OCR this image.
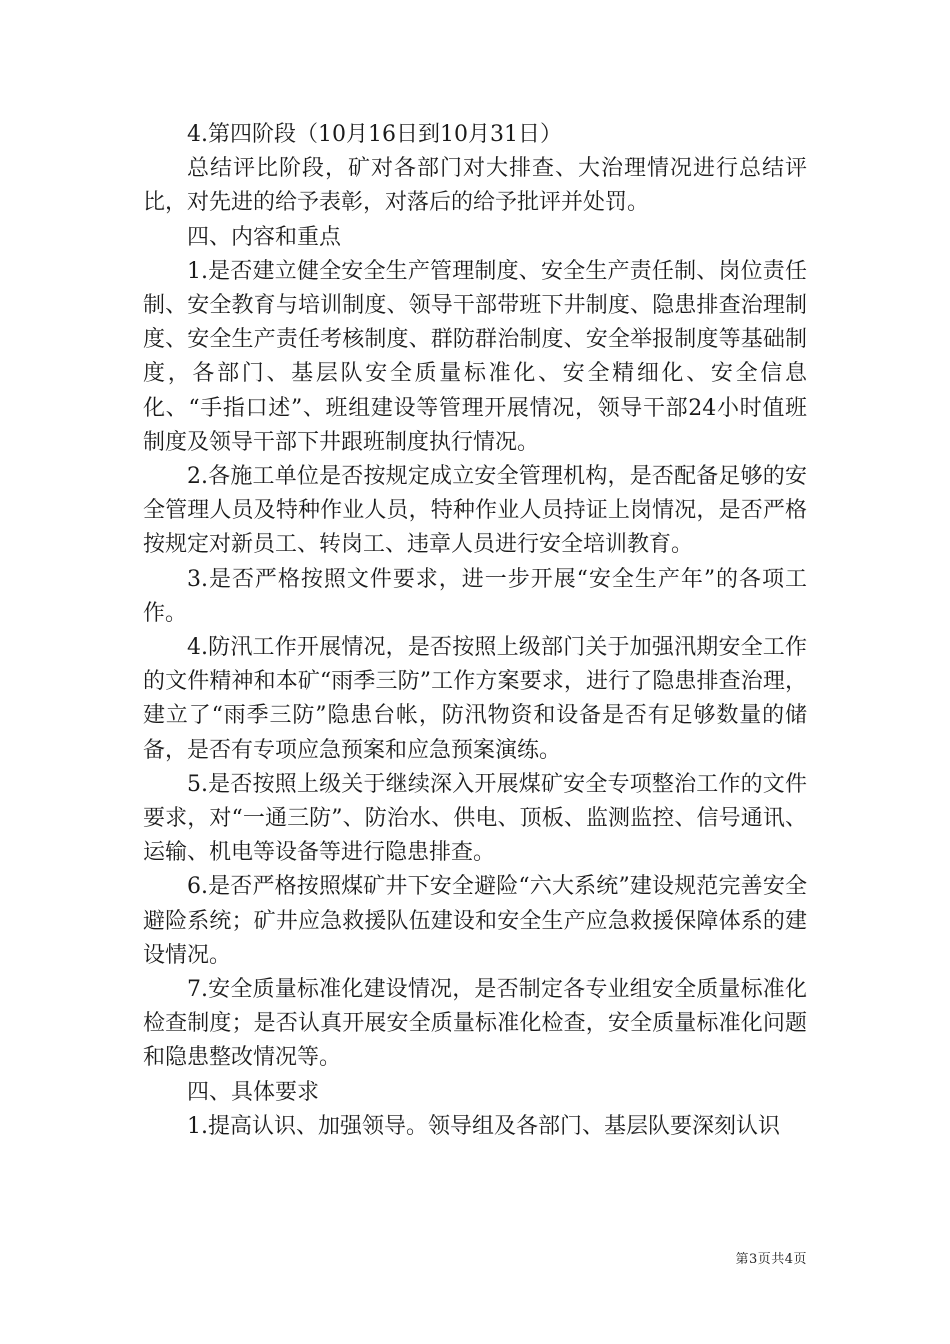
4.第四阶段（10月16日到10月31日）

总结评比阶段，矿对各部门对大排查、大治理情况进行总结评比，对先进的给予表彰，对落后的给予批评并处罚。

四、内容和重点

1.是否建立健全安全生产管理制度、安全生产责任制、岗位责任制、安全教育与培训制度、领导干部带班下井制度、隐患排查治理制度、安全生产责任考核制度、群防群治制度、安全举报制度等基础制度，各部门、基层队安全质量标准化、安全精细化、安全信息化、“手指口述”、班组建设等管理开展情况，领导干部24小时值班制度及领导干部下井跟班制度执行情况。

2.各施工单位是否按规定成立安全管理机构，是否配备足够的安全管理人员及特种作业人员，特种作业人员持证上岗情况，是否严格按规定对新员工、转岗工、违章人员进行安全培训教育。

3.是否严格按照文件要求，进一步开展“安全生产年”的各项工作。

4.防汛工作开展情况，是否按照上级部门关于加强汛期安全工作的文件精神和本矿“雨季三防”工作方案要求，进行了隐患排查治理，建立了“雨季三防”隐患台帐，防汛物资和设备是否有足够数量的储备，是否有专项应急预案和应急预案演练。

5.是否按照上级关于继续深入开展煤矿安全专项整治工作的文件要求，对“一通三防”、防治水、供电、顶板、监测监控、信号通讯、运输、机电等设备等进行隐患排查。

6.是否严格按照煤矿井下安全避险“六大系统”建设规范完善安全避险系统；矿井应急救援队伍建设和安全生产应急救援保障体系的建设情况。

7.安全质量标准化建设情况，是否制定各专业组安全质量标准化检查制度；是否认真开展安全质量标准化检查，安全质量标准化问题和隐患整改情况等。

四、具体要求

1.提高认识、加强领导。领导组及各部门、基层队要深刻认识

第3页共4页
